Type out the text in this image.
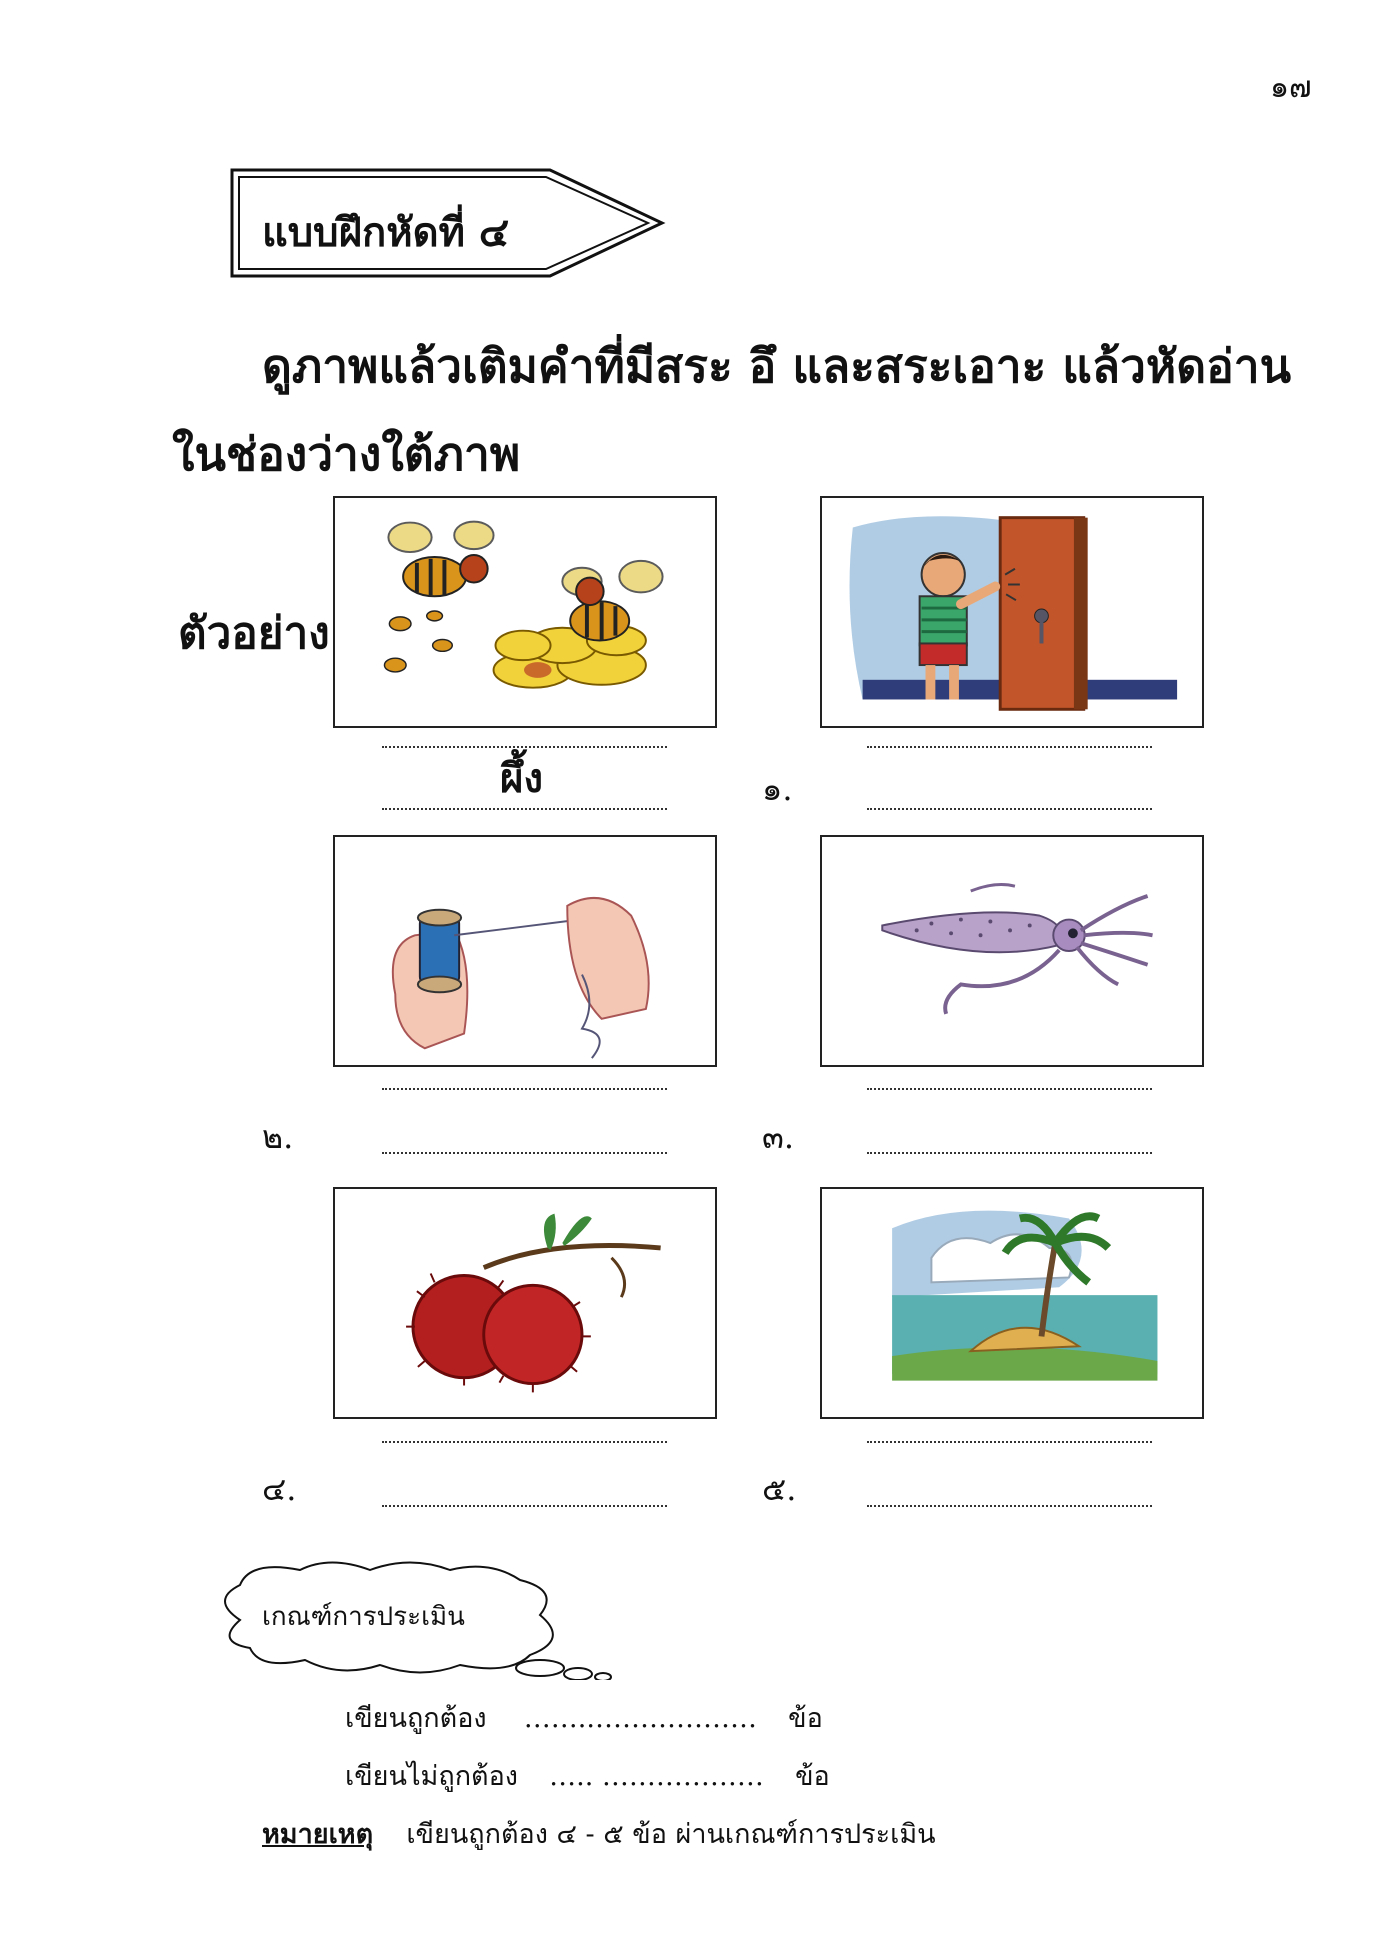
๑๗
แบบฝึกหัดที่ ๔
ดูภาพแล้วเติมคำที่มีสระ อึ และสระเอาะ แล้วหัดอ่าน
ในช่องว่างใต้ภาพ
ตัวอย่าง
ผึ้ง	๑.
๒.	๓.
๔.	๕.
เกณฑ์การประเมิน
เขียนถูกต้อง ……..……………… ข้อ
เขียนไม่ถูกต้อง ….. ……………… ข้อ
หมายเหตุ เขียนถูกต้อง ๔ - ๕ ข้อ ผ่านเกณฑ์การประเมิน
